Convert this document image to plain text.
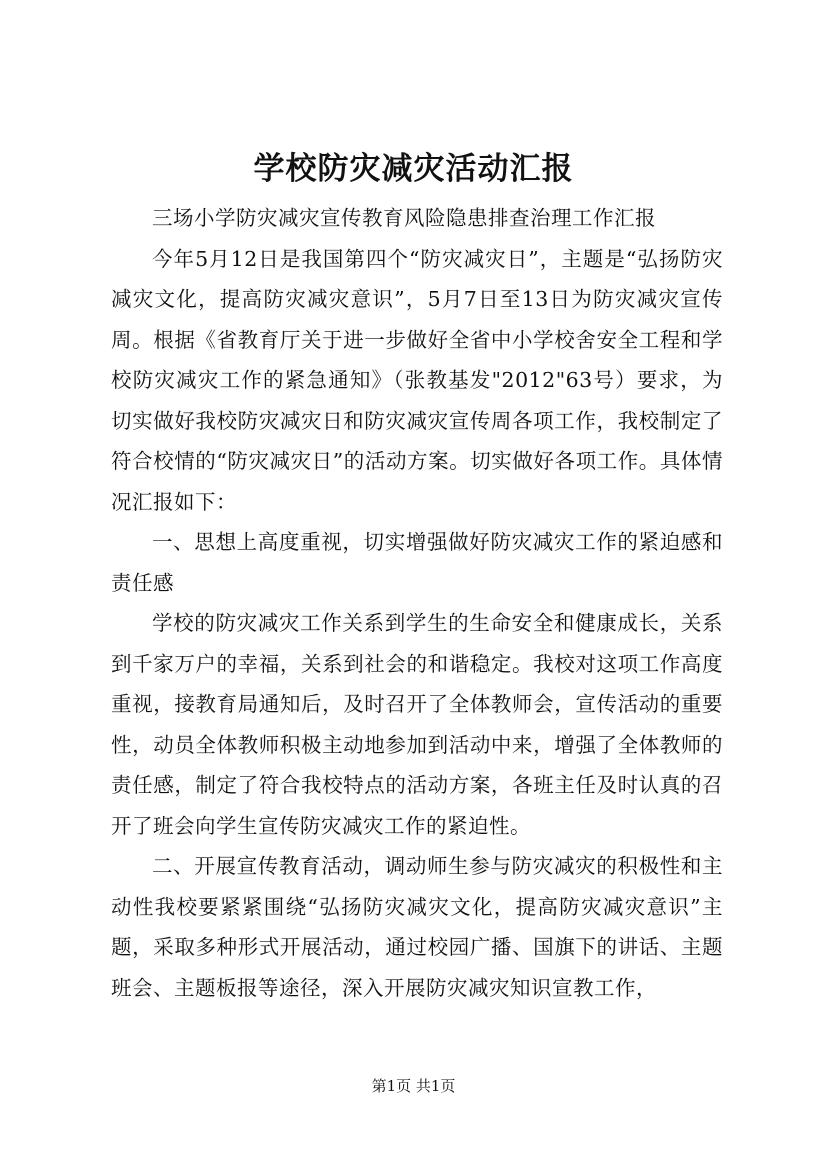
学校防灾减灾活动汇报

三场小学防灾减灾宣传教育风险隐患排查治理工作汇报

今年5月12日是我国第四个“防灾减灾日”，主题是“弘扬防灾减灾文化，提高防灾减灾意识”，5月7日至13日为防灾减灾宣传周。根据《省教育厅关于进一步做好全省中小学校舍安全工程和学校防灾减灾工作的紧急通知》（张教基发"2012"63号）要求，为切实做好我校防灾减灾日和防灾减灾宣传周各项工作，我校制定了符合校情的“防灾减灾日”的活动方案。切实做好各项工作。具体情况汇报如下：

一、思想上高度重视，切实增强做好防灾减灾工作的紧迫感和责任感

学校的防灾减灾工作关系到学生的生命安全和健康成长，关系到千家万户的幸福，关系到社会的和谐稳定。我校对这项工作高度重视，接教育局通知后，及时召开了全体教师会，宣传活动的重要性，动员全体教师积极主动地参加到活动中来，增强了全体教师的责任感，制定了符合我校特点的活动方案，各班主任及时认真的召开了班会向学生宣传防灾减灾工作的紧迫性。

二、开展宣传教育活动，调动师生参与防灾减灾的积极性和主动性我校要紧紧围绕“弘扬防灾减灾文化，提高防灾减灾意识”主题，采取多种形式开展活动，通过校园广播、国旗下的讲话、主题班会、主题板报等途径，深入开展防灾减灾知识宣教工作，

第1页 共1页
